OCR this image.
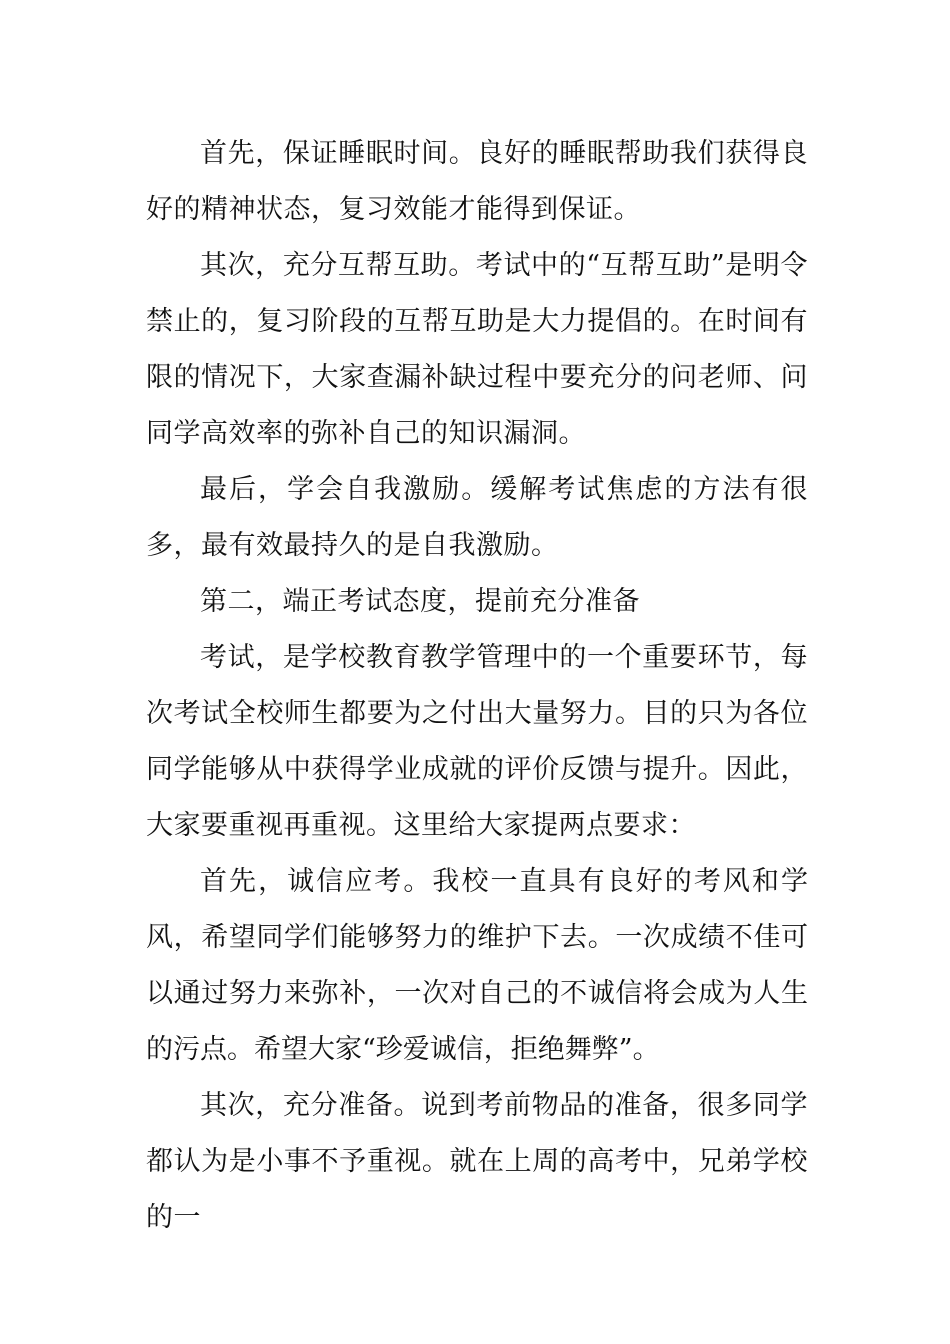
首先，保证睡眠时间。良好的睡眠帮助我们获得良好的精神状态，复习效能才能得到保证。

其次，充分互帮互助。考试中的“互帮互助”是明令禁止的，复习阶段的互帮互助是大力提倡的。在时间有限的情况下，大家查漏补缺过程中要充分的问老师、问同学高效率的弥补自己的知识漏洞。

最后，学会自我激励。缓解考试焦虑的方法有很多，最有效最持久的是自我激励。

第二，端正考试态度，提前充分准备

考试，是学校教育教学管理中的一个重要环节，每次考试全校师生都要为之付出大量努力。目的只为各位同学能够从中获得学业成就的评价反馈与提升。因此，大家要重视再重视。这里给大家提两点要求：

首先，诚信应考。我校一直具有良好的考风和学风，希望同学们能够努力的维护下去。一次成绩不佳可以通过努力来弥补，一次对自己的不诚信将会成为人生的污点。希望大家“珍爱诚信，拒绝舞弊”。

其次，充分准备。说到考前物品的准备，很多同学都认为是小事不予重视。就在上周的高考中，兄弟学校的一
